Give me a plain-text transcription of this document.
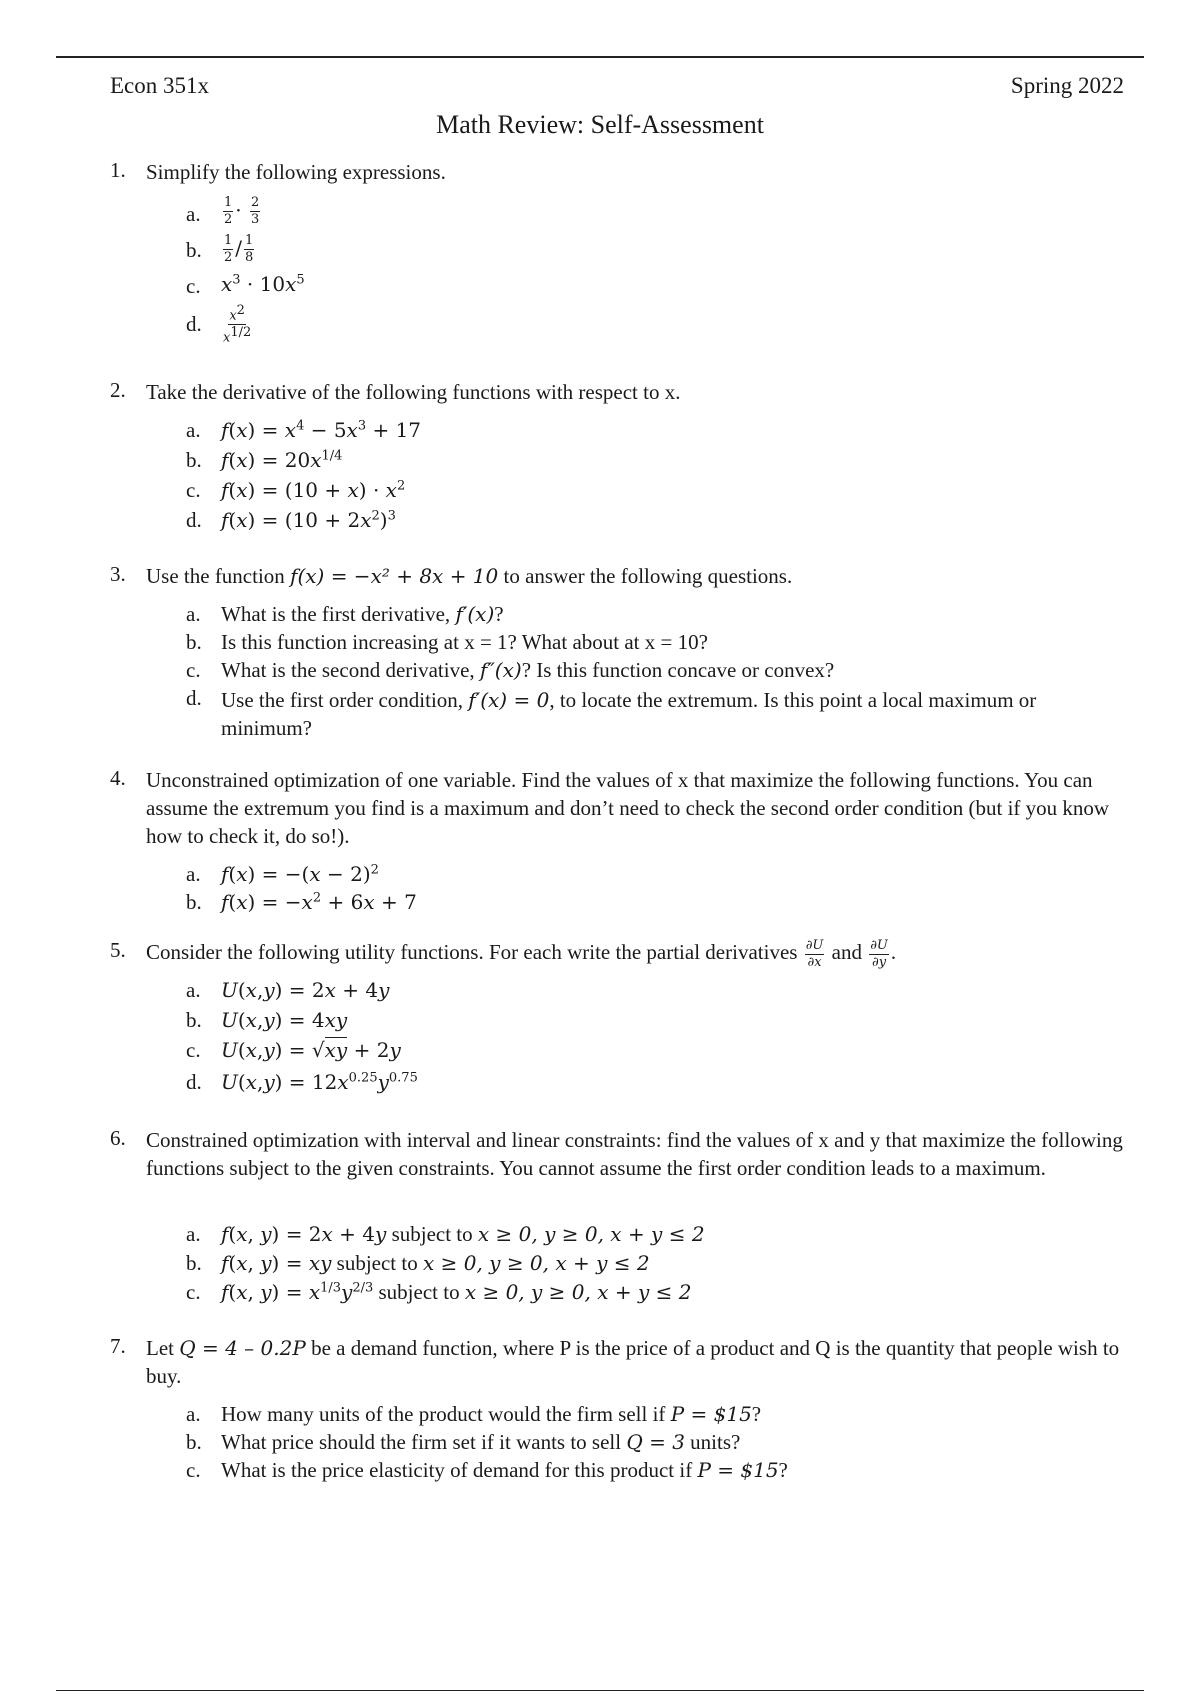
Econ 351x	Spring 2022
Math Review: Self-Assessment
1. Simplify the following expressions.
a. $\frac{1}{2} \cdot \frac{2}{3}$
b. $\frac{1}{2} / \frac{1}{8}$
c. $x^3 \cdot 10x^5$
d. $\frac{x^2}{x^{1/2}}$
2. Take the derivative of the following functions with respect to x.
a. $f(x) = x^4 - 5x^3 + 17$
b. $f(x) = 20x^{1/4}$
c. $f(x) = (10 + x) \cdot x^2$
d. $f(x) = (10 + 2x^2)^3$
3. Use the function f(x) = −x² + 8x + 10 to answer the following questions.
a. What is the first derivative, f′(x)?
b. Is this function increasing at x = 1? What about at x = 10?
c. What is the second derivative, f″(x)? Is this function concave or convex?
d. Use the first order condition, f′(x) = 0, to locate the extremum. Is this point a local maximum or minimum?
4. Unconstrained optimization of one variable. Find the values of x that maximize the following functions. You can assume the extremum you find is a maximum and don’t need to check the second order condition (but if you know how to check it, do so!).
a. $f(x) = -(x - 2)^2$
b. $f(x) = -x^2 + 6x + 7$
5. Consider the following utility functions. For each write the partial derivatives $\frac{\partial U}{\partial x}$ and $\frac{\partial U}{\partial y}$ .
a. U(x,y) = 2x + 4y
b. U(x,y) = 4xy
c. U(x,y) = √xy + 2y
d. $U(x,y) = 12x^{0.25}y^{0.75}$
6. Constrained optimization with interval and linear constraints: find the values of x and y that maximize the following functions subject to the given constraints. You cannot assume the first order condition leads to a maximum.
a. f(x, y) = 2x + 4y subject to x ≥ 0, y ≥ 0, x + y ≤ 2
b. f(x, y) = xy subject to x ≥ 0, y ≥ 0, x + y ≤ 2
c. f(x, $y) = x^{1/3}y^{2/3}$ subject to x ≥ 0, y ≥ 0, x + y ≤ 2
7. Let Q = 4 – 0.2P be a demand function, where P is the price of a product and Q is the quantity that people wish to buy.
a. How many units of the product would the firm sell if P = $15?
b. What price should the firm set if it wants to sell Q = 3 units?
c. What is the price elasticity of demand for this product if P = $15?
